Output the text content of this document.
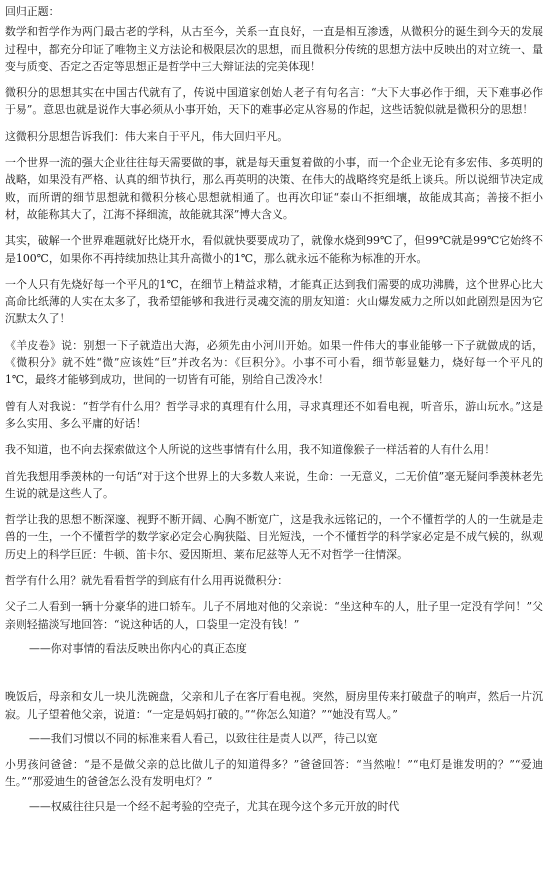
回归正题：

数学和哲学作为两门最古老的学科，从古至今，关系一直良好，一直是相互渗透，从微积分的诞生到今天的发展过程中，都充分印证了唯物主义方法论和极限层次的思想，而且微积分传统的思想方法中反映出的对立统一、量变与质变、否定之否定等思想正是哲学中三大辩证法的完美体现！

微积分的思想其实在中国古代就有了，传说中国道家创始人老子有句名言：“大下大事必作于细，天下难事必作于易”。意思也就是说作大事必须从小事开始，天下的难事必定从容易的作起，这些话貌似就是微积分的思想！

这微积分思想告诉我们：伟大来自于平凡，伟大回归平凡。

一个世界一流的强大企业往往每天需要做的事，就是每天重复着做的小事，而一个企业无论有多宏伟、多英明的战略，如果没有严格、认真的细节执行，那么再英明的决策、在伟大的战略终究是纸上谈兵。所以说细节决定成败，而所谓的细节思想就和微积分核心思想就相通了。也再次印证“泰山不拒细壤，故能成其高；善接不拒小材，故能称其大了，江海不择细流，故能就其深”博大含义。

其实，破解一个世界难题就好比烧开水，看似就快要要成功了，就像水烧到99℃了，但99℃就是99℃它始终不是100℃，如果你不再持续加热让其升高微小的1℃，那么就永远不能称为标准的开水。

一个人只有先烧好每一个平凡的1℃，在细节上精益求精，才能真正达到我们需要的成功沸腾，这个世界心比大高命比纸薄的人实在太多了，我希望能够和我进行灵魂交流的朋友知道：火山爆发威力之所以如此剧烈是因为它沉默太久了！

《羊皮卷》说：别想一下子就造出大海，必须先由小河川开始。如果一件伟大的事业能够一下子就做成的话，《微积分》就不姓“微”应该姓“巨”并改名为：《巨积分》。小事不可小看，细节彰显魅力，烧好每一个平凡的1℃，最终才能够到成功，世间的一切皆有可能，别给自己泼冷水！

曾有人对我说：“哲学有什么用？哲学寻求的真理有什么用，寻求真理还不如看电视，听音乐，游山玩水。”这是多么实用、多么平庸的好话！

我不知道，也不向去探索做这个人所说的这些事情有什么用，我不知道像猴子一样活着的人有什么用！

首先我想用季羡林的一句话“对于这个世界上的大多数人来说，生命：一无意义，二无价值”毫无疑问季羡林老先生说的就是这些人了。

哲学让我的思想不断深邃、视野不断开阔、心胸不断宽广，这是我永远铭记的，一个不懂哲学的人的一生就是走兽的一生，一个不懂哲学的数学家必定会心胸狭隘、目光短浅，一个不懂哲学的科学家必定是不成气候的，纵观历史上的科学巨匠：牛顿、笛卡尔、爱因斯坦、莱布尼兹等人无不对哲学一往情深。

哲学有什么用？就先看看哲学的到底有什么用再说微积分：

父子二人看到一辆十分豪华的进口轿车。儿子不屑地对他的父亲说：“坐这种车的人，肚子里一定没有学问！”父亲则轻描淡写地回答：“说这种话的人，口袋里一定没有钱！”

——你对事情的看法反映出你内心的真正态度

晚饭后，母亲和女儿一块儿洗碗盘，父亲和儿子在客厅看电视。突然，厨房里传来打破盘子的响声，然后一片沉寂。儿子望着他父亲，说道：“一定是妈妈打破的。”“你怎么知道？”“她没有骂人。”

——我们习惯以不同的标准来看人看己，以致往往是责人以严，待己以宽

小男孩问爸爸：“是不是做父亲的总比做儿子的知道得多？”爸爸回答：“当然啦！”“电灯是谁发明的？”“爱迪生。”“那爱迪生的爸爸怎么没有发明电灯？”

——权威往往只是一个经不起考验的空壳子，尤其在现今这个多元开放的时代
